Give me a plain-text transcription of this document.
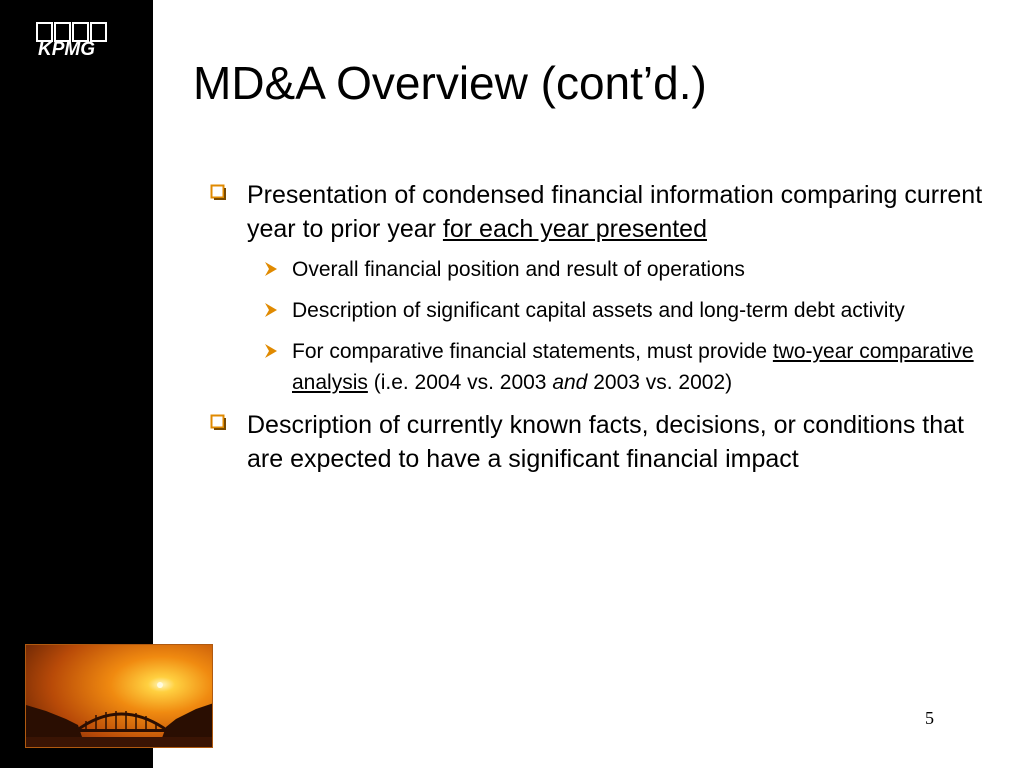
KPMG
MD&A Overview (cont’d.)
Presentation of condensed financial information comparing current year to prior year for each year presented
Overall financial position and result of operations
Description of significant capital assets and long-term debt activity
For comparative financial statements, must provide two-year comparative analysis (i.e. 2004 vs. 2003 and 2003 vs. 2002)
Description of currently known facts, decisions, or conditions that are expected to have a significant financial impact
5
